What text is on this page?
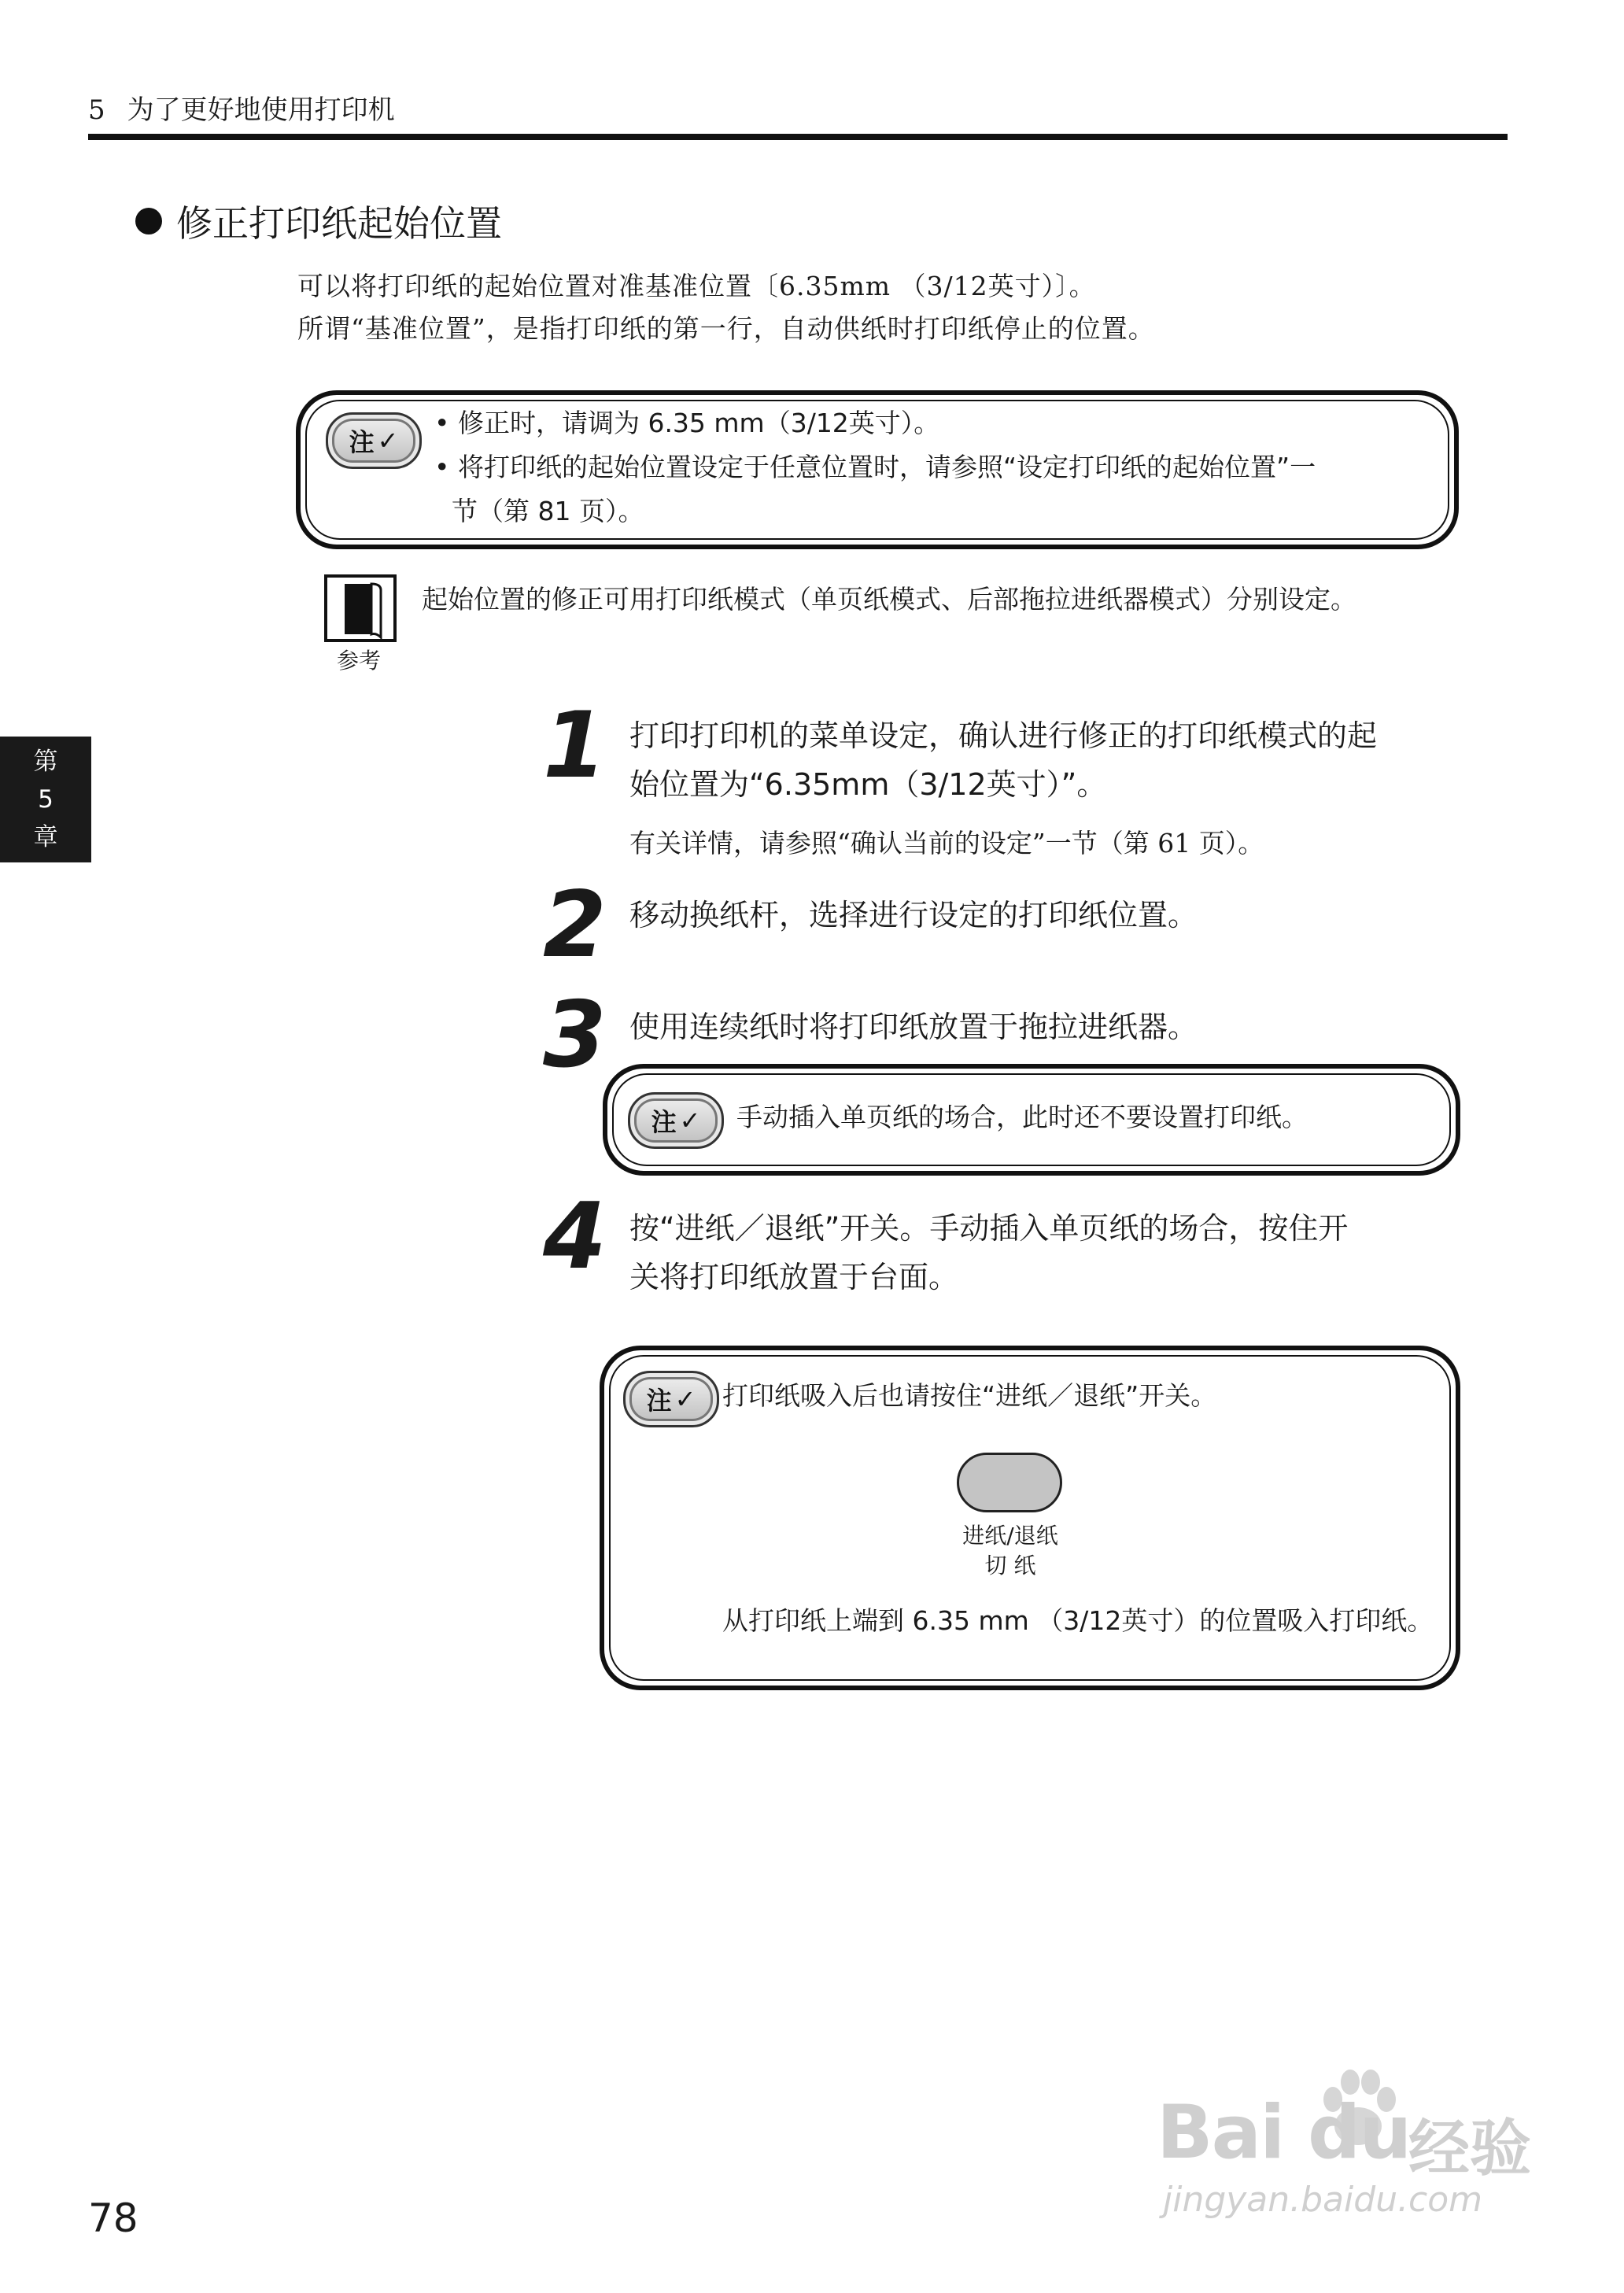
5 为了更好地使用打印机
修正打印纸起始位置
可以将打印纸的起始位置对准基准位置〔6.35mm （3/12英寸）〕。
所谓“基准位置”，是指打印纸的第一行，自动供纸时打印纸停止的位置。
注 ✓
• 修正时，请调为 6.35 mm（3/12英寸）。
• 将打印纸的起始位置设定于任意位置时，请参照“设定打印纸的起始位置”一
节（第 81 页）。
参考
起始位置的修正可用打印纸模式（单页纸模式、后部拖拉进纸器模式）分别设定。
第
5
章
1 打印打印机的菜单设定，确认进行修正的打印纸模式的起
始位置为“6.35mm（3/12英寸）”。
有关详情，请参照“确认当前的设定”一节（第 61 页）。
2 移动换纸杆，选择进行设定的打印纸位置。
3 使用连续纸时将打印纸放置于拖拉进纸器。
注 ✓ 手动插入单页纸的场合，此时还不要设置打印纸。
4 按“进纸／退纸”开关。手动插入单页纸的场合，按住开
关将打印纸放置于台面。
注 ✓ 打印纸吸入后也请按住“进纸／退纸”开关。
从打印纸上端到 6.35 mm （3/12英寸）的位置吸入打印纸。
进纸/退纸
切 纸
78
Bai du
经验
jingyan.baidu.com
